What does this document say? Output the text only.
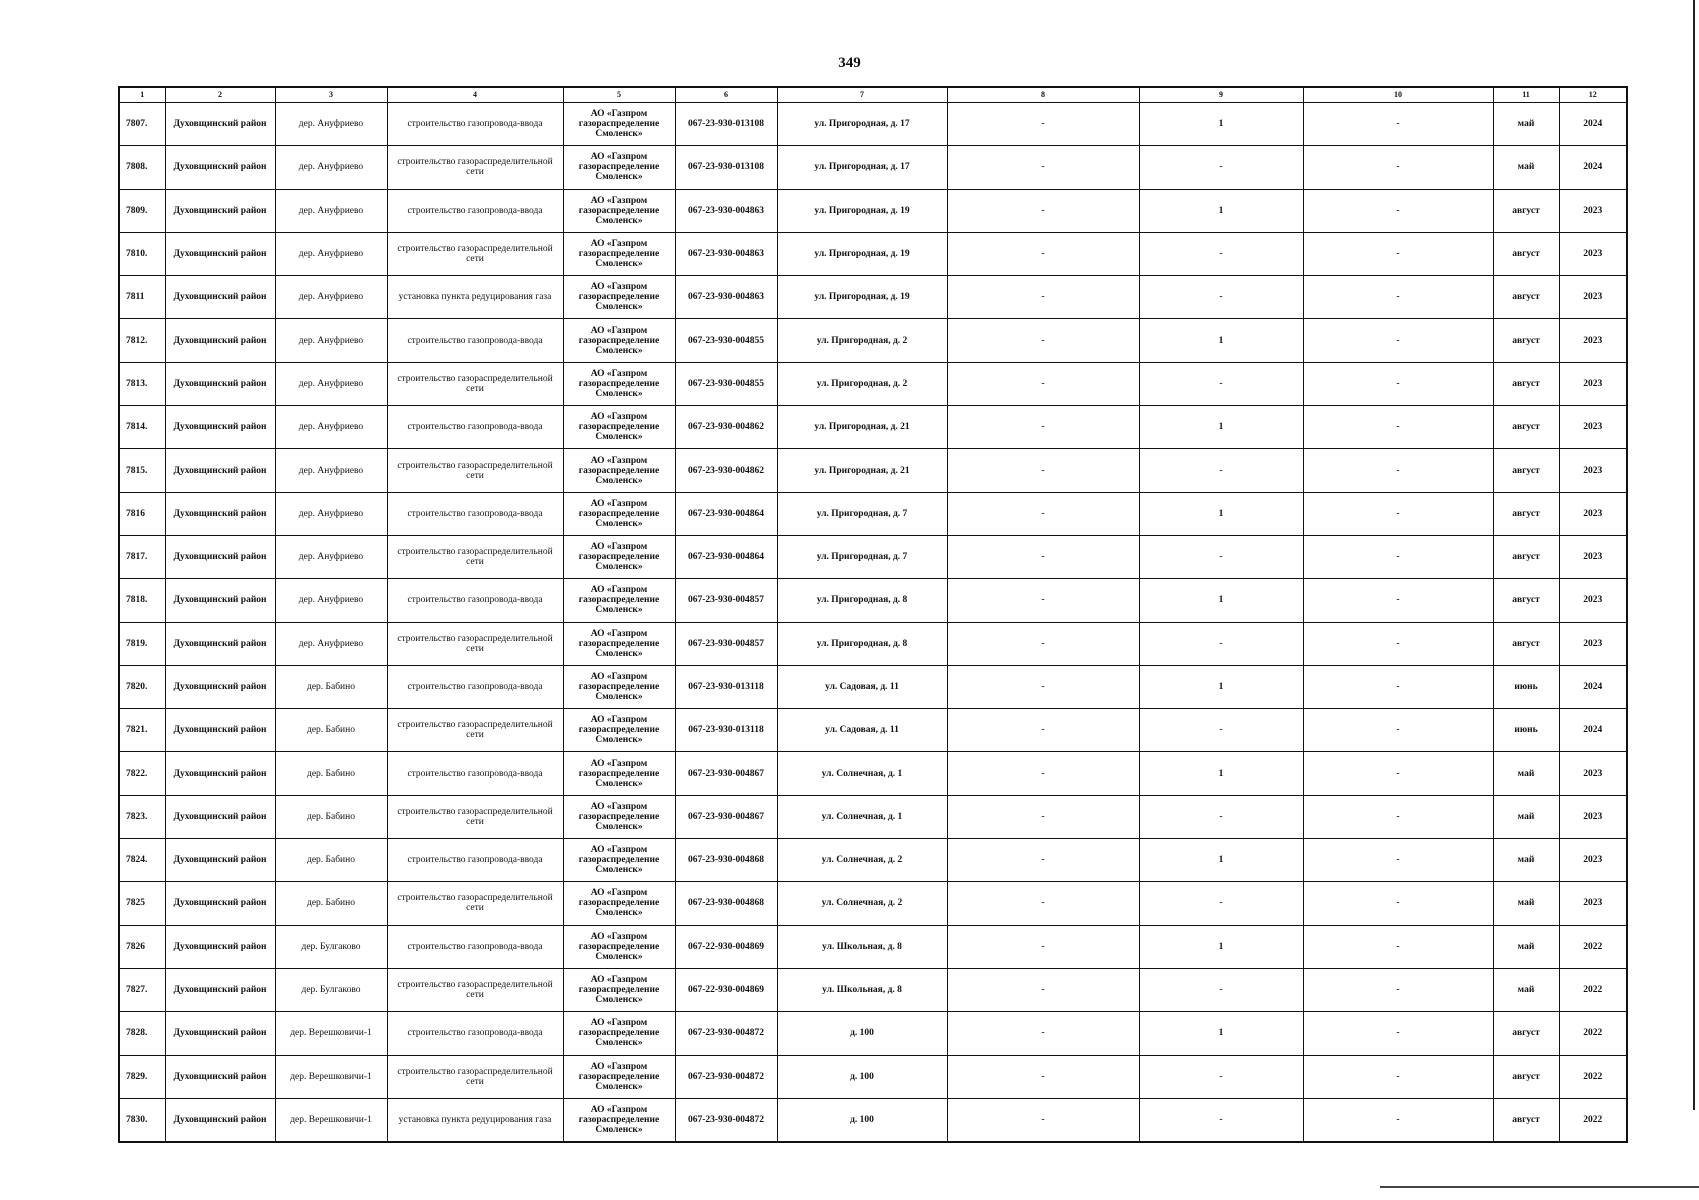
349
1	2	3	4	5	6	7	8	9	10	11	12
7807.	Духовщинский район	дер. Ануфриево	строительство газопровода-ввода	АО «Газпром газораспределение Смоленск»	067-23-930-013108	ул. Пригородная, д. 17	-	1	-	май	2024
7808.	Духовщинский район	дер. Ануфриево	строительство газораспределительной сети	АО «Газпром газораспределение Смоленск»	067-23-930-013108	ул. Пригородная, д. 17	-	-	-	май	2024
7809.	Духовщинский район	дер. Ануфриево	строительство газопровода-ввода	АО «Газпром газораспределение Смоленск»	067-23-930-004863	ул. Пригородная, д. 19	-	1	-	август	2023
7810.	Духовщинский район	дер. Ануфриево	строительство газораспределительной сети	АО «Газпром газораспределение Смоленск»	067-23-930-004863	ул. Пригородная, д. 19	-	-	-	август	2023
7811	Духовщинский район	дер. Ануфриево	установка пункта редуцирования газа	АО «Газпром газораспределение Смоленск»	067-23-930-004863	ул. Пригородная, д. 19	-	-	-	август	2023
7812.	Духовщинский район	дер. Ануфриево	строительство газопровода-ввода	АО «Газпром газораспределение Смоленск»	067-23-930-004855	ул. Пригородная, д. 2	-	1	-	август	2023
7813.	Духовщинский район	дер. Ануфриево	строительство газораспределительной сети	АО «Газпром газораспределение Смоленск»	067-23-930-004855	ул. Пригородная, д. 2	-	-	-	август	2023
7814.	Духовщинский район	дер. Ануфриево	строительство газопровода-ввода	АО «Газпром газораспределение Смоленск»	067-23-930-004862	ул. Пригородная, д. 21	-	1	-	август	2023
7815.	Духовщинский район	дер. Ануфриево	строительство газораспределительной сети	АО «Газпром газораспределение Смоленск»	067-23-930-004862	ул. Пригородная, д. 21	-	-	-	август	2023
7816	Духовщинский район	дер. Ануфриево	строительство газопровода-ввода	АО «Газпром газораспределение Смоленск»	067-23-930-004864	ул. Пригородная, д. 7	-	1	-	август	2023
7817.	Духовщинский район	дер. Ануфриево	строительство газораспределительной сети	АО «Газпром газораспределение Смоленск»	067-23-930-004864	ул. Пригородная, д. 7	-	-	-	август	2023
7818.	Духовщинский район	дер. Ануфриево	строительство газопровода-ввода	АО «Газпром газораспределение Смоленск»	067-23-930-004857	ул. Пригородная, д. 8	-	1	-	август	2023
7819.	Духовщинский район	дер. Ануфриево	строительство газораспределительной сети	АО «Газпром газораспределение Смоленск»	067-23-930-004857	ул. Пригородная, д. 8	-	-	-	август	2023
7820.	Духовщинский район	дер. Бабино	строительство газопровода-ввода	АО «Газпром газораспределение Смоленск»	067-23-930-013118	ул. Садовая, д. 11	-	1	-	июнь	2024
7821.	Духовщинский район	дер. Бабино	строительство газораспределительной сети	АО «Газпром газораспределение Смоленск»	067-23-930-013118	ул. Садовая, д. 11	-	-	-	июнь	2024
7822.	Духовщинский район	дер. Бабино	строительство газопровода-ввода	АО «Газпром газораспределение Смоленск»	067-23-930-004867	ул. Солнечная, д. 1	-	1	-	май	2023
7823.	Духовщинский район	дер. Бабино	строительство газораспределительной сети	АО «Газпром газораспределение Смоленск»	067-23-930-004867	ул. Солнечная, д. 1	-	-	-	май	2023
7824.	Духовщинский район	дер. Бабино	строительство газопровода-ввода	АО «Газпром газораспределение Смоленск»	067-23-930-004868	ул. Солнечная, д. 2	-	1	-	май	2023
7825	Духовщинский район	дер. Бабино	строительство газораспределительной сети	АО «Газпром газораспределение Смоленск»	067-23-930-004868	ул. Солнечная, д. 2	-	-	-	май	2023
7826	Духовщинский район	дер. Булгаково	строительство газопровода-ввода	АО «Газпром газораспределение Смоленск»	067-22-930-004869	ул. Школьная, д. 8	-	1	-	май	2022
7827.	Духовщинский район	дер. Булгаково	строительство газораспределительной сети	АО «Газпром газораспределение Смоленск»	067-22-930-004869	ул. Школьная, д. 8	-	-	-	май	2022
7828.	Духовщинский район	дер. Верешковичи-1	строительство газопровода-ввода	АО «Газпром газораспределение Смоленск»	067-23-930-004872	д. 100	-	1	-	август	2022
7829.	Духовщинский район	дер. Верешковичи-1	строительство газораспределительной сети	АО «Газпром газораспределение Смоленск»	067-23-930-004872	д. 100	-	-	-	август	2022
7830.	Духовщинский район	дер. Верешковичи-1	установка пункта редуцирования газа	АО «Газпром газораспределение Смоленск»	067-23-930-004872	д. 100	-	-	-	август	2022
